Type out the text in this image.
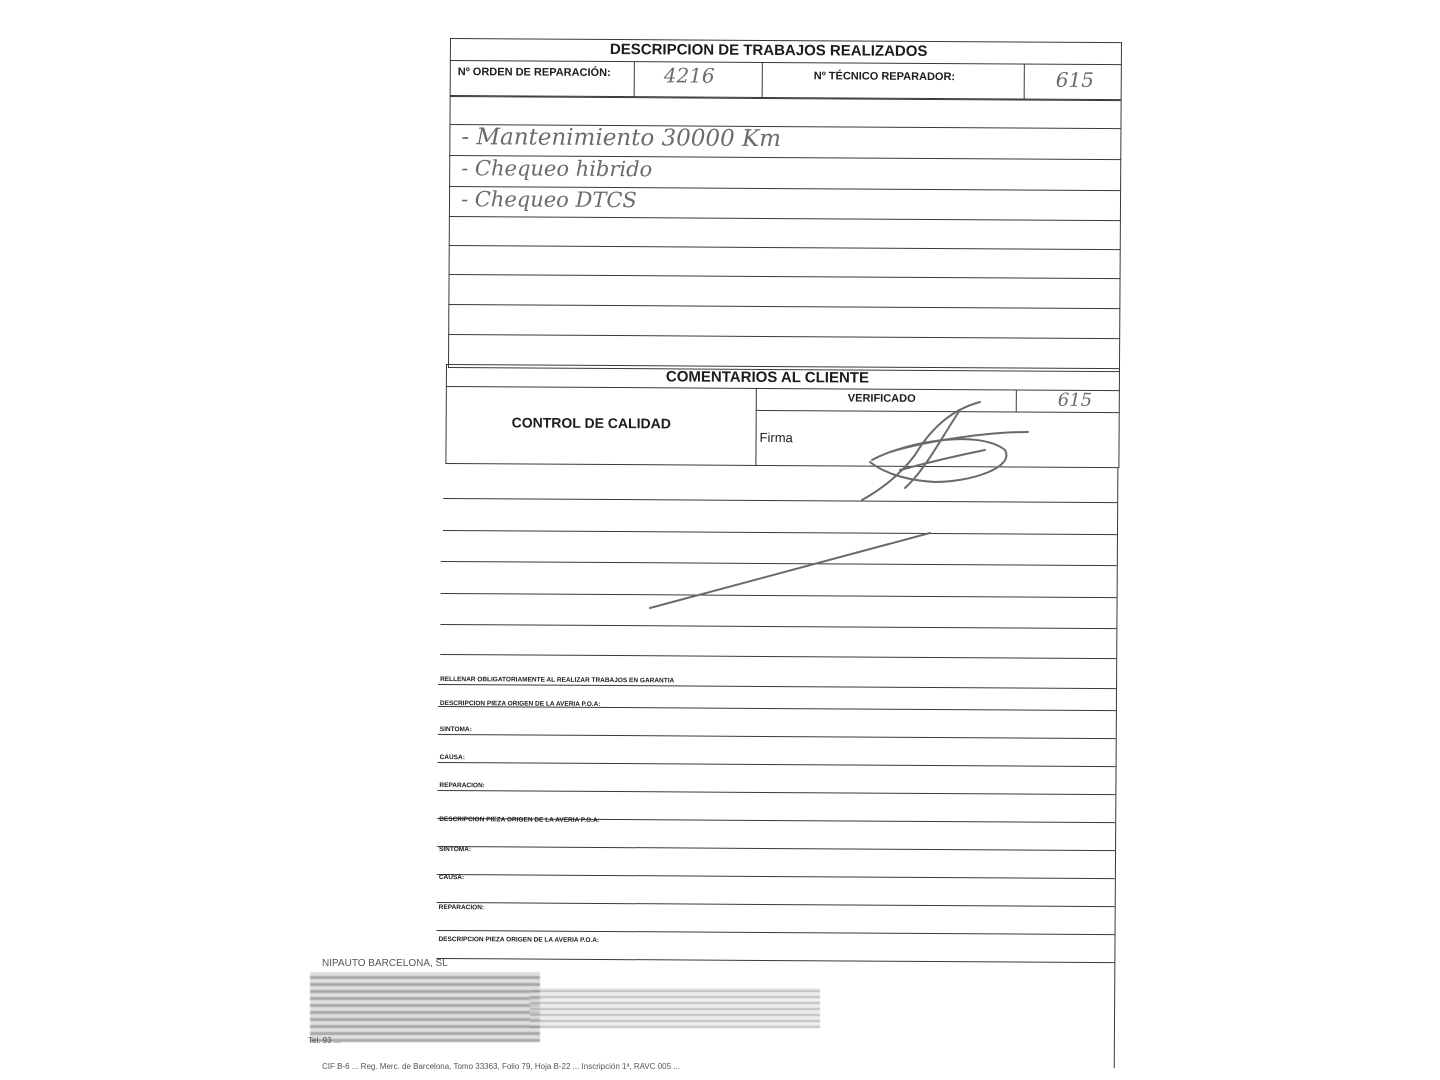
DESCRIPCION DE TRABAJOS REALIZADOS
Nº ORDEN DE REPARACIÓN:	4216	Nº TÉCNICO REPARADOR:	615
- Mantenimiento 30000 Km
- Chequeo hibrido
- Chequeo DTCS
COMENTARIOS AL CLIENTE
CONTROL DE CALIDAD
VERIFICADO	615
Firma
RELLENAR OBLIGATORIAMENTE AL REALIZAR TRABAJOS EN GARANTIA
DESCRIPCION PIEZA ORIGEN DE LA AVERIA P.O.A:
SINTOMA:
CAUSA:
REPARACION:
DESCRIPCION PIEZA ORIGEN DE LA AVERIA P.O.A:
SINTOMA:
CAUSA:
REPARACION:
DESCRIPCION PIEZA ORIGEN DE LA AVERIA P.O.A:
NIPAUTO BARCELONA, SL
Tel. 93 ...
CIF B-6 ... Reg. Merc. de Barcelona, Tomo 33363, Folio 79, Hoja B-22 ... Inscripción 1ª, RAVC 005 ...
